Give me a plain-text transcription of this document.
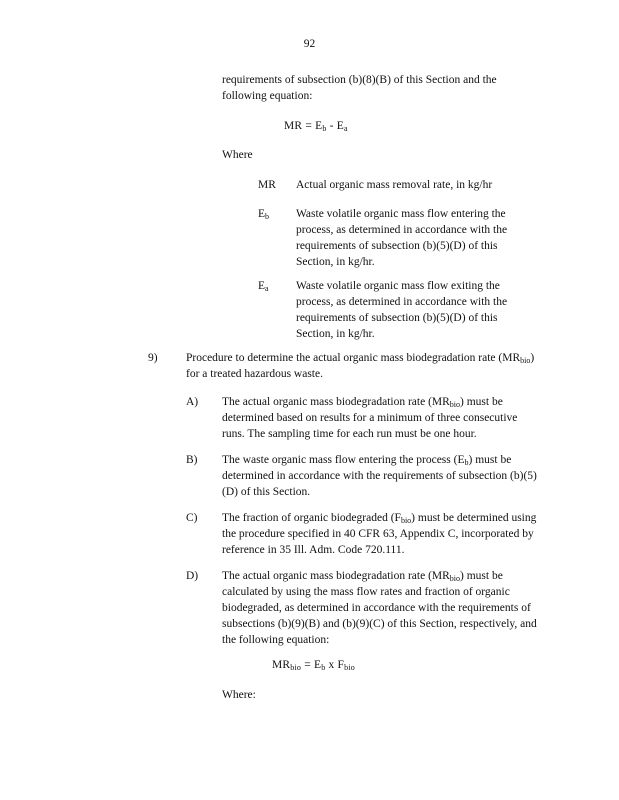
92

requirements of subsection (b)(8)(B) of this Section and the following equation:

MR = $E_b - E_a$

Where

MR	Actual organic mass removal rate, in kg/hr

$E_b$	Waste volatile organic mass flow entering the process, as determined in accordance with the requirements of subsection (b)(5)(D) of this Section, in kg/hr.

$E_a$	Waste volatile organic mass flow exiting the process, as determined in accordance with the requirements of subsection (b)(5)(D) of this Section, in kg/hr.

9)	Procedure to determine the actual organic mass biodegradation rate $(MR_{bio})$ for a treated hazardous waste.

A)	The actual organic mass biodegradation rate $(MR_{bio})$ must be determined based on results for a minimum of three consecutive runs. The sampling time for each run must be one hour.

B)	The waste organic mass flow entering the process $(E_b)$ must be determined in accordance with the requirements of subsection (b)(5)(D) of this Section.

C)	The fraction of organic biodegraded $(F_{bio})$ must be determined using the procedure specified in 40 CFR 63, Appendix C, incorporated by reference in 35 Ill. Adm. Code 720.111.

D)	The actual organic mass biodegradation rate $(MR_{bio})$ must be calculated by using the mass flow rates and fraction of organic biodegraded, as determined in accordance with the requirements of subsections (b)(9)(B) and (b)(9)(C) of this Section, respectively, and the following equation:

$MR_{bio} = E_b$ x $F_{bio}$

Where:
